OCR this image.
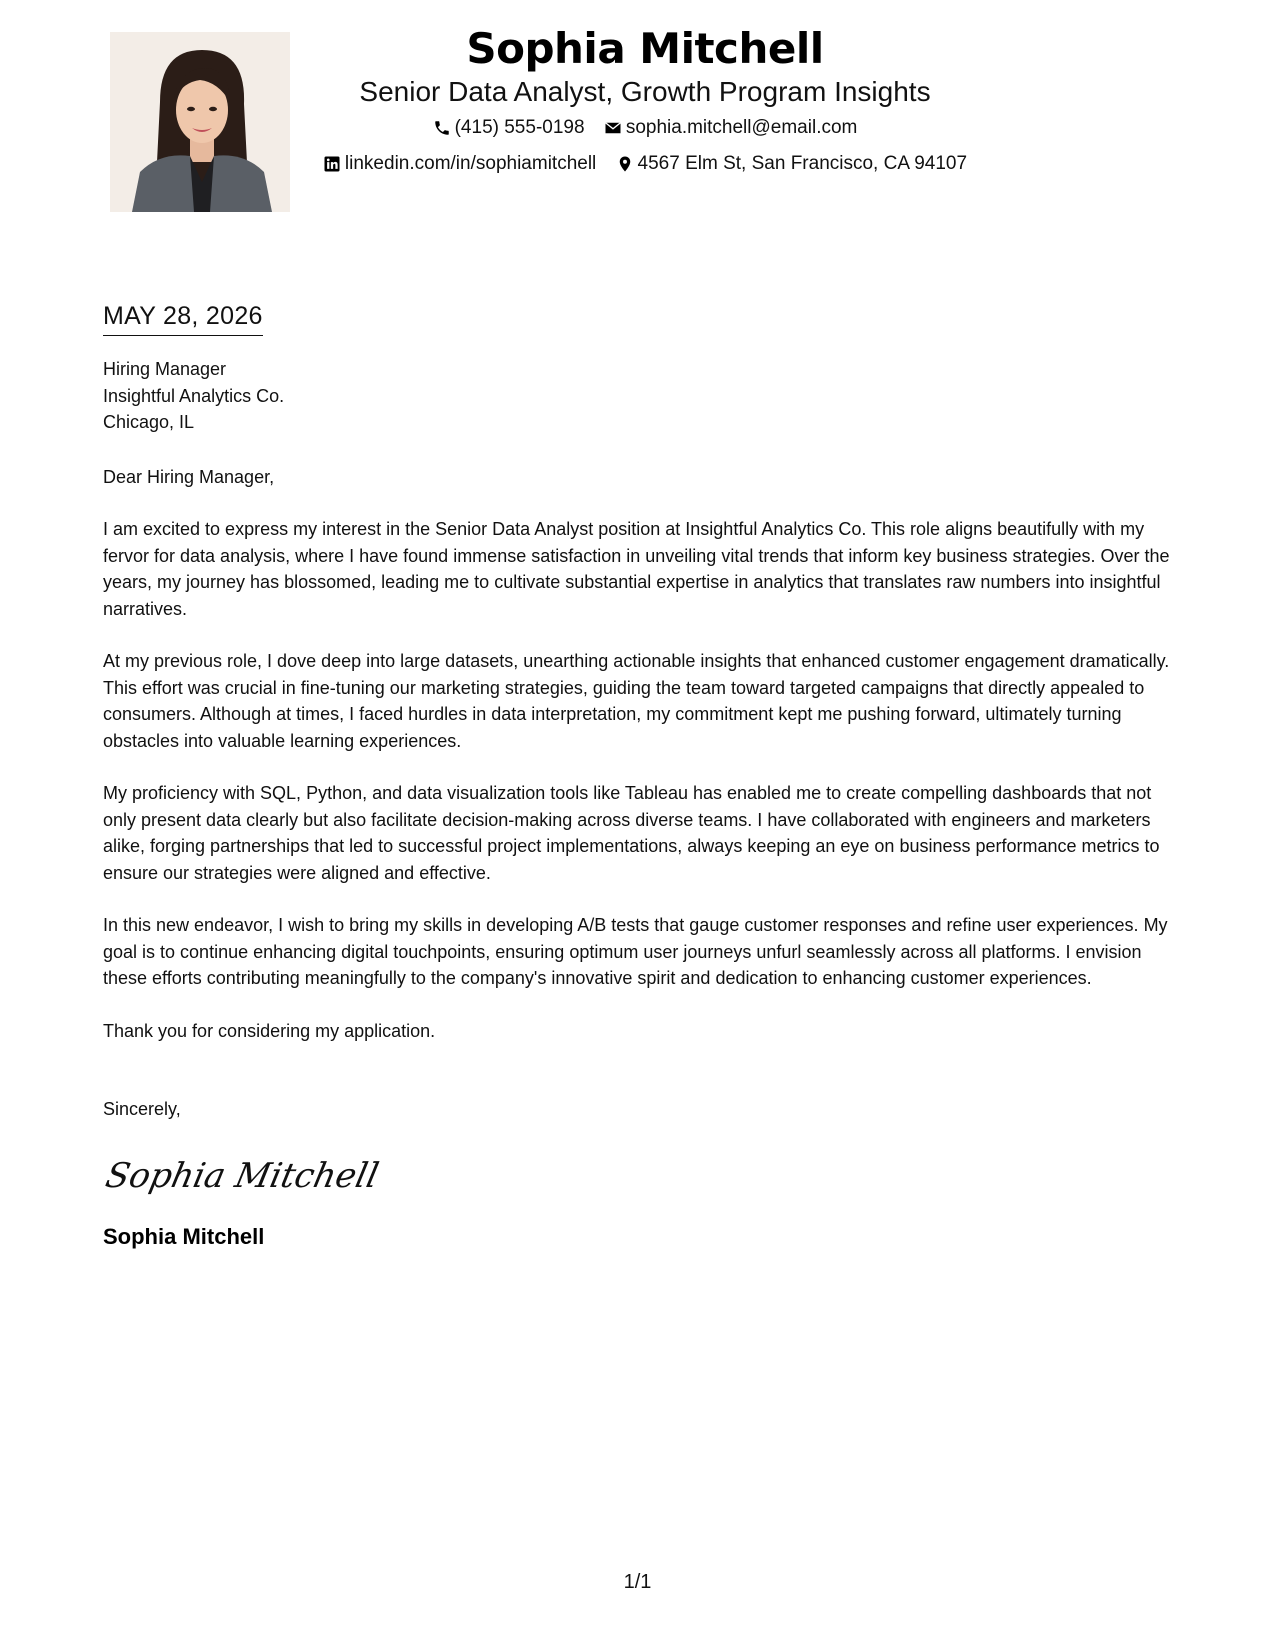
Sophia Mitchell
Senior Data Analyst, Growth Program Insights
(415) 555-0198
sophia.mitchell@email.com
linkedin.com/in/sophiamitchell
4567 Elm St, San Francisco, CA 94107
MAY 28, 2026
Hiring Manager
Insightful Analytics Co.
Chicago, IL
Dear Hiring Manager,
I am excited to express my interest in the Senior Data Analyst position at Insightful Analytics Co. This role aligns beautifully with my fervor for data analysis, where I have found immense satisfaction in unveiling vital trends that inform key business strategies. Over the years, my journey has blossomed, leading me to cultivate substantial expertise in analytics that translates raw numbers into insightful narratives.
At my previous role, I dove deep into large datasets, unearthing actionable insights that enhanced customer engagement dramatically. This effort was crucial in fine-tuning our marketing strategies, guiding the team toward targeted campaigns that directly appealed to consumers. Although at times, I faced hurdles in data interpretation, my commitment kept me pushing forward, ultimately turning obstacles into valuable learning experiences.
My proficiency with SQL, Python, and data visualization tools like Tableau has enabled me to create compelling dashboards that not only present data clearly but also facilitate decision-making across diverse teams. I have collaborated with engineers and marketers alike, forging partnerships that led to successful project implementations, always keeping an eye on business performance metrics to ensure our strategies were aligned and effective.
In this new endeavor, I wish to bring my skills in developing A/B tests that gauge customer responses and refine user experiences. My goal is to continue enhancing digital touchpoints, ensuring optimum user journeys unfurl seamlessly across all platforms. I envision these efforts contributing meaningfully to the company's innovative spirit and dedication to enhancing customer experiences.
Thank you for considering my application.
Sincerely,
Sophia Mitchell
Sophia Mitchell
1/1
